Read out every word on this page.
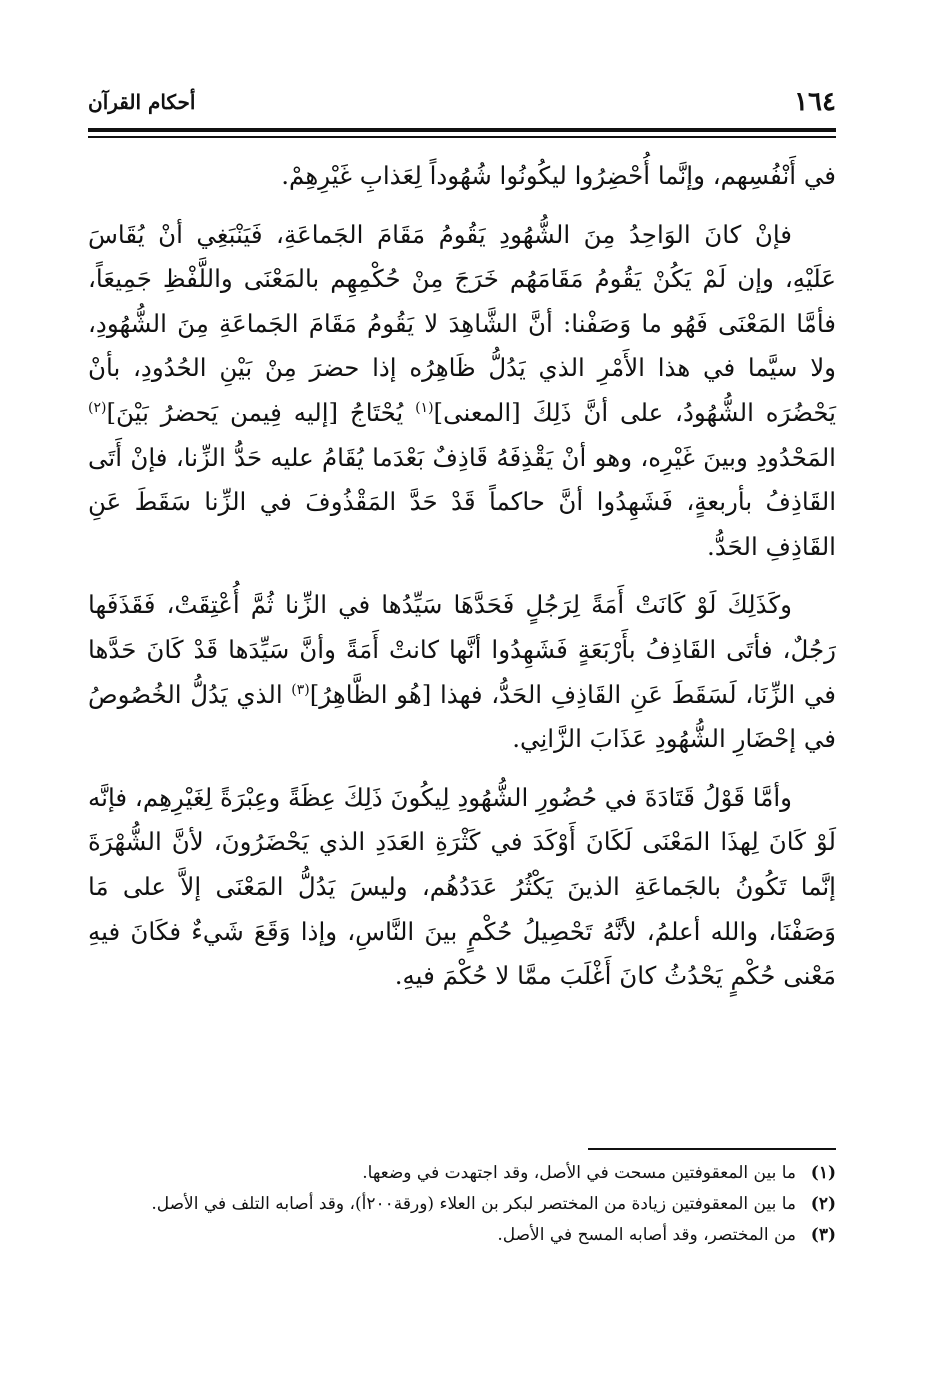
١٦٤
أحكام القرآن

في أَنْفُسِهم، وإنَّما أُحْضِرُوا ليكُونُوا شُهُوداً لِعَذابِ غَيْرِهِمْ.

فإنْ كانَ الوَاحِدُ مِنَ الشُّهُودِ يَقُومُ مَقَامَ الجَماعَةِ، فَيَنْبَغِي أنْ يُقَاسَ عَلَيْهِ، وإن لَمْ يَكُنْ يَقُومُ مَقَامَهُم خَرَجَ مِنْ حُكْمِهِم بالمَعْنَى واللَّفْظِ جَمِيعَاً، فأمَّا المَعْنَى فَهُو ما وَصَفْنا: أنَّ الشَّاهِدَ لا يَقُومُ مَقَامَ الجَماعَةِ مِنَ الشُّهُودِ، ولا سيَّما في هذا الأَمْرِ الذي يَدُلُّ ظَاهِرُه إذا حضرَ مِنْ بَيْنِ الحُدُودِ، بأنْ يَحْضُرَه الشُّهُودُ، على أنَّ ذَلِكَ [المعنى]$^{(١)}$ يُحْتَاجُ [إليه فِيمن يَحضرُ بَيْنَ]$^{(٢)}$ المَحْدُودِ وبينَ غَيْرِه، وهو أنْ يَقْذِفَهُ قَاذِفٌ بَعْدَما يُقَامُ عليه حَدُّ الزِّنا، فإنْ أَتَى القَاذِفُ بأربعةٍ، فَشَهِدُوا أنَّ حاكماً قَدْ حَدَّ المَقْذُوفَ في الزِّنا سَقَطَ عَنِ القَاذِفِ الحَدُّ.

وكَذَلِكَ لَوْ كَانَتْ أَمَةً لِرَجُلٍ فَحَدَّهَا سَيِّدُها في الزِّنا ثُمَّ أُعْتِقَتْ، فَقَذَفَها رَجُلٌ، فأتَى القَاذِفُ بأَرْبَعَةٍ فَشَهِدُوا أنَّها كانتْ أَمَةً وأنَّ سَيِّدَها قَدْ كَانَ حَدَّها في الزِّنَا، لَسَقَطَ عَنِ القَاذِفِ الحَدُّ، فهذا [هُو الظَّاهِرُ]$^{(٣)}$ الذي يَدُلُّ الخُصُوصُ في إحْضَارِ الشُّهُودِ عَذَابَ الزَّانِي.

وأمَّا قَوْلُ قَتَادَةَ في حُضُورِ الشُّهُودِ لِيكُونَ ذَلِكَ عِظَةً وعِبْرَةً لِغَيْرِهِم، فإنَّه لَوْ كَانَ لِهذَا المَعْنَى لَكَانَ أَوْكَدَ في كَثْرَةِ العَدَدِ الذي يَحْضَرُونَ، لأنَّ الشُّهْرَةَ إنَّما تَكُونُ بالجَماعَةِ الذينَ يَكْثُرُ عَدَدُهُم، وليسَ يَدُلُّ المَعْنَى إلاَّ على مَا وَصَفْنَا، والله أعلمُ، لأنَّهُ تَحْصِيلُ حُكْمٍ بينَ النَّاسِ، وإذا وَقَعَ شَيءٌ فكَانَ فيهِ مَعْنى حُكْمٍ يَحْدُثُ كانَ أَغْلَبَ ممَّا لا حُكْمَ فيهِ.

(١)
ما بين المعقوفتين مسحت في الأصل، وقد اجتهدت في وضعها.
(٢)
ما بين المعقوفتين زيادة من المختصر لبكر بن العلاء (ورقة٢٠٠أ)، وقد أصابه التلف في الأصل.
(٣)
من المختصر، وقد أصابه المسح في الأصل.
